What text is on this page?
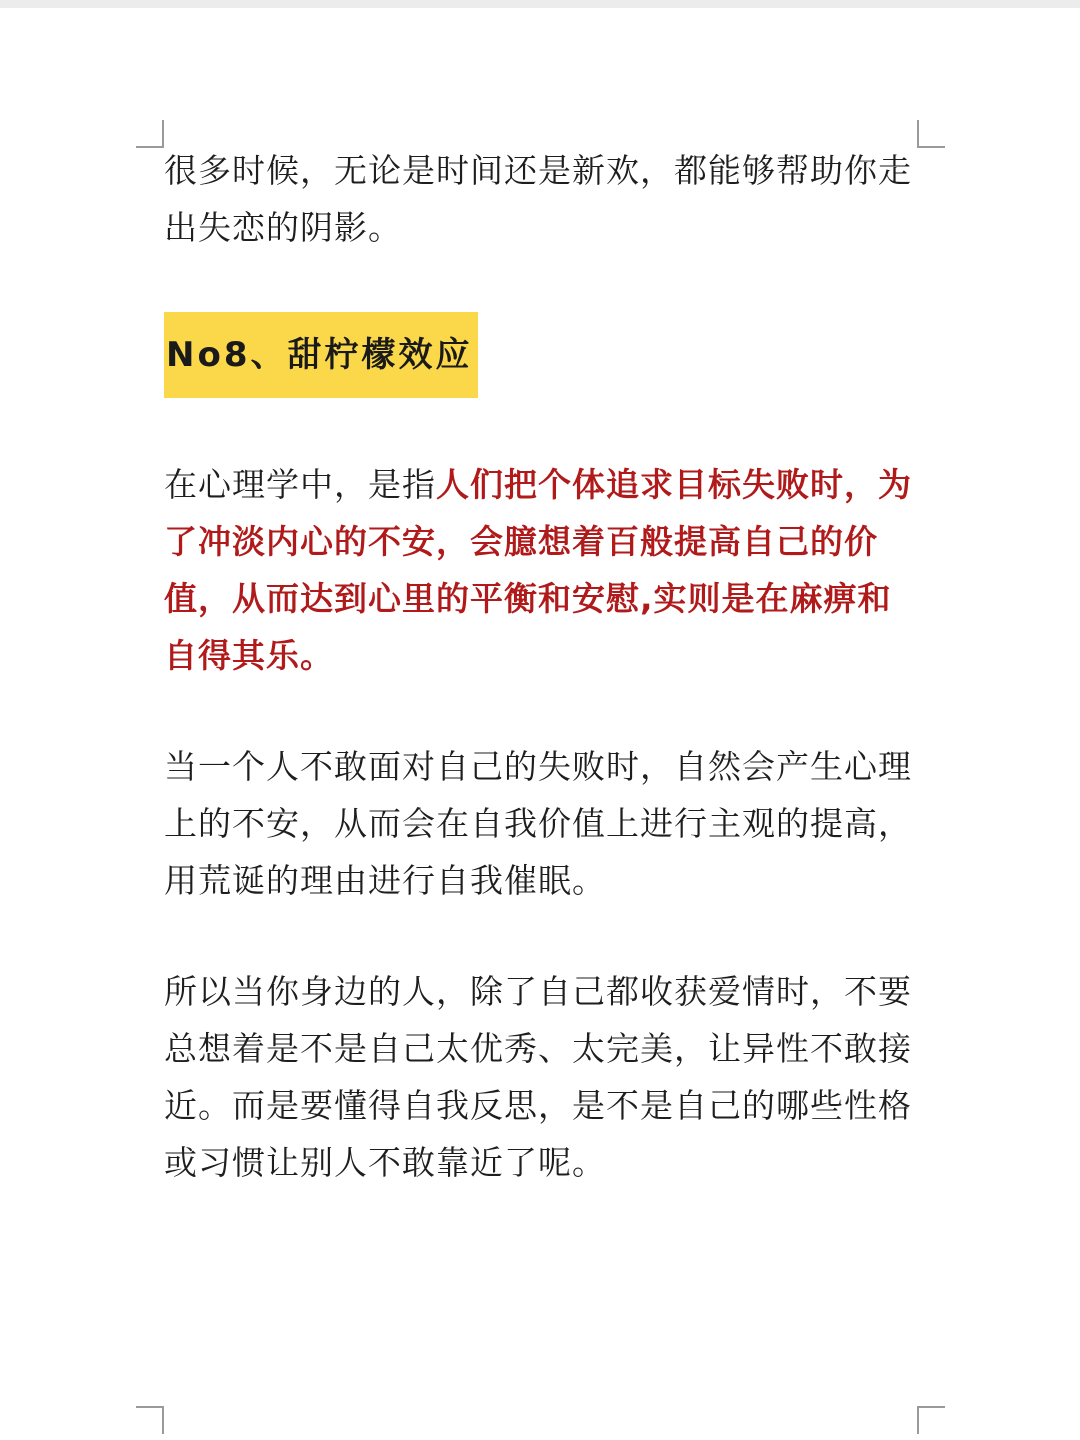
很多时候，无论是时间还是新欢，都能够帮助你走出失恋的阴影。

No8、甜柠檬效应

在心理学中，是指人们把个体追求目标失败时，为了冲淡内心的不安，会臆想着百般提高自己的价值，从而达到心里的平衡和安慰,实则是在麻痹和自得其乐。

当一个人不敢面对自己的失败时，自然会产生心理上的不安，从而会在自我价值上进行主观的提高，用荒诞的理由进行自我催眠。

所以当你身边的人，除了自己都收获爱情时，不要总想着是不是自己太优秀、太完美，让异性不敢接近。而是要懂得自我反思，是不是自己的哪些性格或习惯让别人不敢靠近了呢。
